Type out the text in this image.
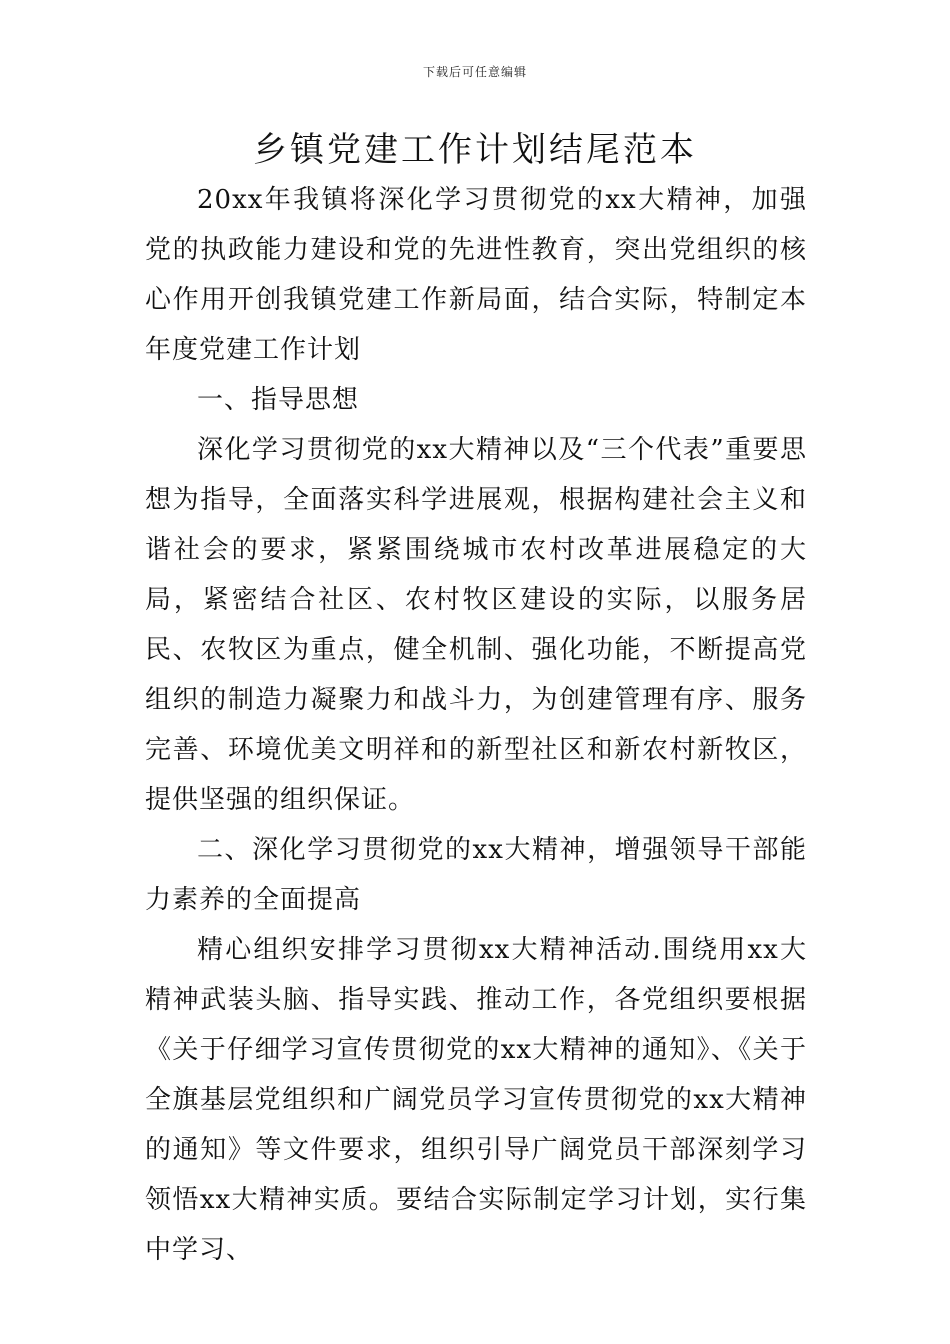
下载后可任意编辑
乡镇党建工作计划结尾范本

20xx年我镇将深化学习贯彻党的xx大精神，加强党的执政能力建设和党的先进性教育，突出党组织的核心作用开创我镇党建工作新局面，结合实际，特制定本年度党建工作计划

一、指导思想

深化学习贯彻党的xx大精神以及“三个代表”重要思想为指导，全面落实科学进展观，根据构建社会主义和谐社会的要求，紧紧围绕城市农村改革进展稳定的大局，紧密结合社区、农村牧区建设的实际，以服务居民、农牧区为重点，健全机制、强化功能，不断提高党组织的制造力凝聚力和战斗力，为创建管理有序、服务完善、环境优美文明祥和的新型社区和新农村新牧区，提供坚强的组织保证。

二、深化学习贯彻党的xx大精神，增强领导干部能力素养的全面提高

精心组织安排学习贯彻xx大精神活动.围绕用xx大精神武装头脑、指导实践、推动工作，各党组织要根据《关于仔细学习宣传贯彻党的xx大精神的通知》、《关于全旗基层党组织和广阔党员学习宣传贯彻党的xx大精神的通知》等文件要求，组织引导广阔党员干部深刻学习领悟xx大精神实质。要结合实际制定学习计划，实行集中学习、
